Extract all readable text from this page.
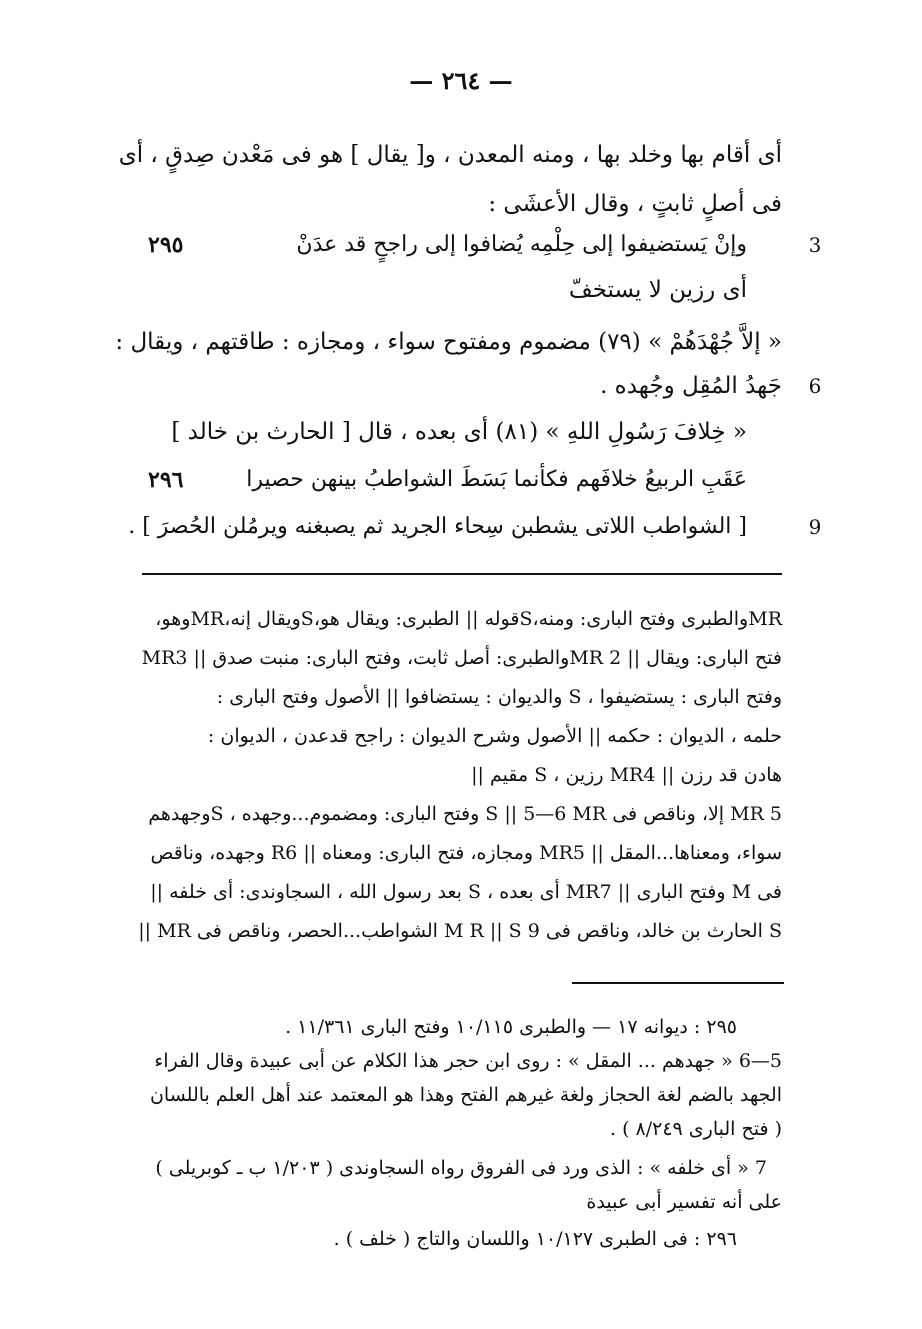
— ٢٦٤ —
أى أقام بها وخلد بها ، ومنه المعدن ، و[ يقال ] هو فى مَعْدن صِدقٍ ، أى
فى أصلٍ ثابتٍ ، وقال الأعشَى :
3
وإنْ يَستضيفوا إلى حِلْمِه يُضافوا إلى راجحٍ قد عدَنْ
٢٩٥
أى رزين لا يستخفّ
« إلاَّ جُهْدَهُمْ » (٧٩) مضموم ومفتوح سواء ، ومجازه : طاقتهم ، ويقال :
6
جَهدُ المُقِل وجُهده .
« خِلافَ رَسُولِ اللهِ » (٨١) أى بعده ، قال [ الحارث بن خالد ]
عَقَبِ الربيعُ خلافَهم فكأنما بَسَطَ الشواطبُ بينهن حصيرا
٢٩٦
9
[ الشواطب اللاتى يشطبن سِحاء الجريد ثم يصبغنه ويرمُلن الحُصرَ ] .
MRوالطبرى وفتح البارى: ومنه،Sقوله || الطبرى: ويقال هو،Sويقال إنه،MRوهو،
فتح البارى: ويقال || 2 MRوالطبرى: أصل ثابت، وفتح البارى: منبت صدق || MR3
وفتح البارى : يستضيفوا ، S والديوان : يستضافوا || الأصول وفتح البارى :
حلمه ، الديوان : حكمه || الأصول وشرح الديوان : راجح قدعدن ، الديوان :
هادن قد رزن || MR4 رزين ، S مقيم ||
MR 5 إلا، وناقص فى S || 5—6 MR وفتح البارى: ومضموم...وجهده ، Sوجهدهم
سواء، ومعناها...المقل || MR5 ومجازه، فتح البارى: ومعناه || R6 وجهده، وناقص
فى M وفتح البارى || MR7 أى بعده ، S بعد رسول الله ، السجاوندى: أى خلفه ||
S الحارث بن خالد، وناقص فى M R || S 9 الشواطب...الحصر، وناقص فى MR ||
٢٩٥ : ديوانه ١٧ — والطبرى ١٠/١١٥ وفتح البارى ١١/٣٦١ .
5—6 « جهدهم ... المقل » : روى ابن حجر هذا الكلام عن أبى عبيدة وقال الفراء
الجهد بالضم لغة الحجاز ولغة غيرهم الفتح وهذا هو المعتمد عند أهل العلم باللسان
( فتح البارى ٨/٢٤٩ ) .
7 « أى خلفه » : الذى ورد فى الفروق رواه السجاوندى ( ١/٢٠٣ ب ـ كوبريلى )
على أنه تفسير أبى عبيدة
٢٩٦ : فى الطبرى ١٠/١٢٧ واللسان والتاج ( خلف ) .
